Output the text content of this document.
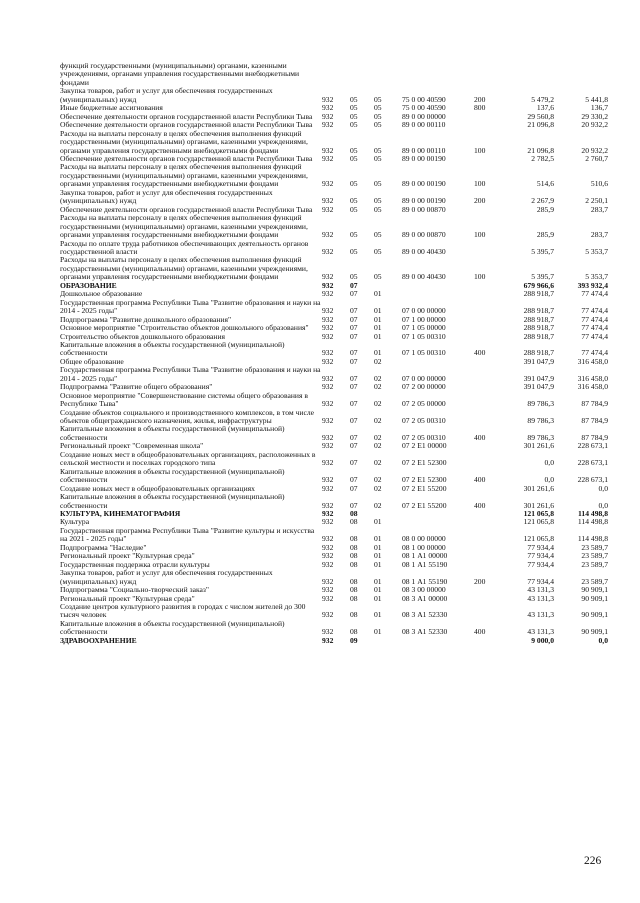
функций государственными (муниципальными) органами, казенными учреждениями, органами управления государственными внебюджетными фондами							
Закупка товаров, работ и услуг для обеспечения государственных (муниципальных) нужд	932	05	05	75 0 00 40590	200	5 479,2	5 441,8
Иные бюджетные ассигнования	932	05	05	75 0 00 40590	800	137,6	136,7
Обеспечение деятельности органов государственной власти Республики Тыва	932	05	05	89 0 00 00000		29 560,8	29 330,2
Обеспечение деятельности органов государственной власти Республики Тыва	932	05	05	89 0 00 00110		21 096,8	20 932,2
Расходы на выплаты персоналу в целях обеспечения выполнения функций государственными (муниципальными) органами, казенными учреждениями, органами управления государственными внебюджетными фондами	932	05	05	89 0 00 00110	100	21 096,8	20 932,2
Обеспечение деятельности органов государственной власти Республики Тыва	932	05	05	89 0 00 00190		2 782,5	2 760,7
Расходы на выплаты персоналу в целях обеспечения выполнения функций государственными (муниципальными) органами, казенными учреждениями, органами управления государственными внебюджетными фондами	932	05	05	89 0 00 00190	100	514,6	510,6
Закупка товаров, работ и услуг для обеспечения государственных (муниципальных) нужд	932	05	05	89 0 00 00190	200	2 267,9	2 250,1
Обеспечение деятельности органов государственной власти Республики Тыва	932	05	05	89 0 00 00870		285,9	283,7
Расходы на выплаты персоналу в целях обеспечения выполнения функций государственными (муниципальными) органами, казенными учреждениями, органами управления государственными внебюджетными фондами	932	05	05	89 0 00 00870	100	285,9	283,7
Расходы по оплате труда работников обеспечивающих деятельность органов государственной власти	932	05	05	89 0 00 40430		5 395,7	5 353,7
Расходы на выплаты персоналу в целях обеспечения выполнения функций государственными (муниципальными) органами, казенными учреждениями, органами управления государственными внебюджетными фондами	932	05	05	89 0 00 40430	100	5 395,7	5 353,7
ОБРАЗОВАНИЕ	932	07				679 966,6	393 932,4
Дошкольное образование	932	07	01			288 918,7	77 474,4
Государственная программа Республики Тыва "Развитие образования и науки на 2014 - 2025 годы"	932	07	01	07 0 00 00000		288 918,7	77 474,4
Подпрограмма "Развитие дошкольного образования"	932	07	01	07 1 00 00000		288 918,7	77 474,4
Основное мероприятие "Строительство объектов дошкольного образования"	932	07	01	07 1 05 00000		288 918,7	77 474,4
Строительство объектов дошкольного образования	932	07	01	07 1 05 00310		288 918,7	77 474,4
Капитальные вложения в объекты государственной (муниципальной) собственности	932	07	01	07 1 05 00310	400	288 918,7	77 474,4
Общее образование	932	07	02			391 047,9	316 458,0
Государственная программа Республики Тыва "Развитие образования и науки на 2014 - 2025 годы"	932	07	02	07 0 00 00000		391 047,9	316 458,0
Подпрограмма "Развитие общего образования"	932	07	02	07 2 00 00000		391 047,9	316 458,0
Основное мероприятие "Совершенствование системы общего образования в Республике Тыва"	932	07	02	07 2 05 00000		89 786,3	87 784,9
Создание объектов социального и производственного комплексов, в том числе объектов общегражданского назначения, жилья, инфраструктуры	932	07	02	07 2 05 00310		89 786,3	87 784,9
Капитальные вложения в объекты государственной (муниципальной) собственности	932	07	02	07 2 05 00310	400	89 786,3	87 784,9
Региональный проект "Современная школа"	932	07	02	07 2 Е1 00000		301 261,6	228 673,1
Создание новых мест в общеобразовательных организациях, расположенных в сельской местности и поселках городского типа	932	07	02	07 2 Е1 52300		0,0	228 673,1
Капитальные вложения в объекты государственной (муниципальной) собственности	932	07	02	07 2 Е1 52300	400	0,0	228 673,1
Создание новых мест в общеобразовательных организациях	932	07	02	07 2 Е1 55200		301 261,6	0,0
Капитальные вложения в объекты государственной (муниципальной) собственности	932	07	02	07 2 Е1 55200	400	301 261,6	0,0
КУЛЬТУРА, КИНЕМАТОГРАФИЯ	932	08				121 065,8	114 498,8
Культура	932	08	01			121 065,8	114 498,8
Государственная программа Республики Тыва "Развитие культуры и искусства на 2021 - 2025 годы"	932	08	01	08 0 00 00000		121 065,8	114 498,8
Подпрограмма "Наследие"	932	08	01	08 1 00 00000		77 934,4	23 589,7
Региональный проект "Культурная среда"	932	08	01	08 1 А1 00000		77 934,4	23 589,7
Государственная поддержка отрасли культуры	932	08	01	08 1 А1 55190		77 934,4	23 589,7
Закупка товаров, работ и услуг для обеспечения государственных (муниципальных) нужд	932	08	01	08 1 А1 55190	200	77 934,4	23 589,7
Подпрограмма "Социально-творческий заказ"	932	08	01	08 3 00 00000		43 131,3	90 909,1
Региональный проект "Культурная среда"	932	08	01	08 3 А1 00000		43 131,3	90 909,1
Создание центров культурного развития в городах с числом жителей до 300 тысяч человек	932	08	01	08 3 А1 52330		43 131,3	90 909,1
Капитальные вложения в объекты государственной (муниципальной) собственности	932	08	01	08 3 А1 52330	400	43 131,3	90 909,1
ЗДРАВООХРАНЕНИЕ	932	09				9 000,0	0,0
226
